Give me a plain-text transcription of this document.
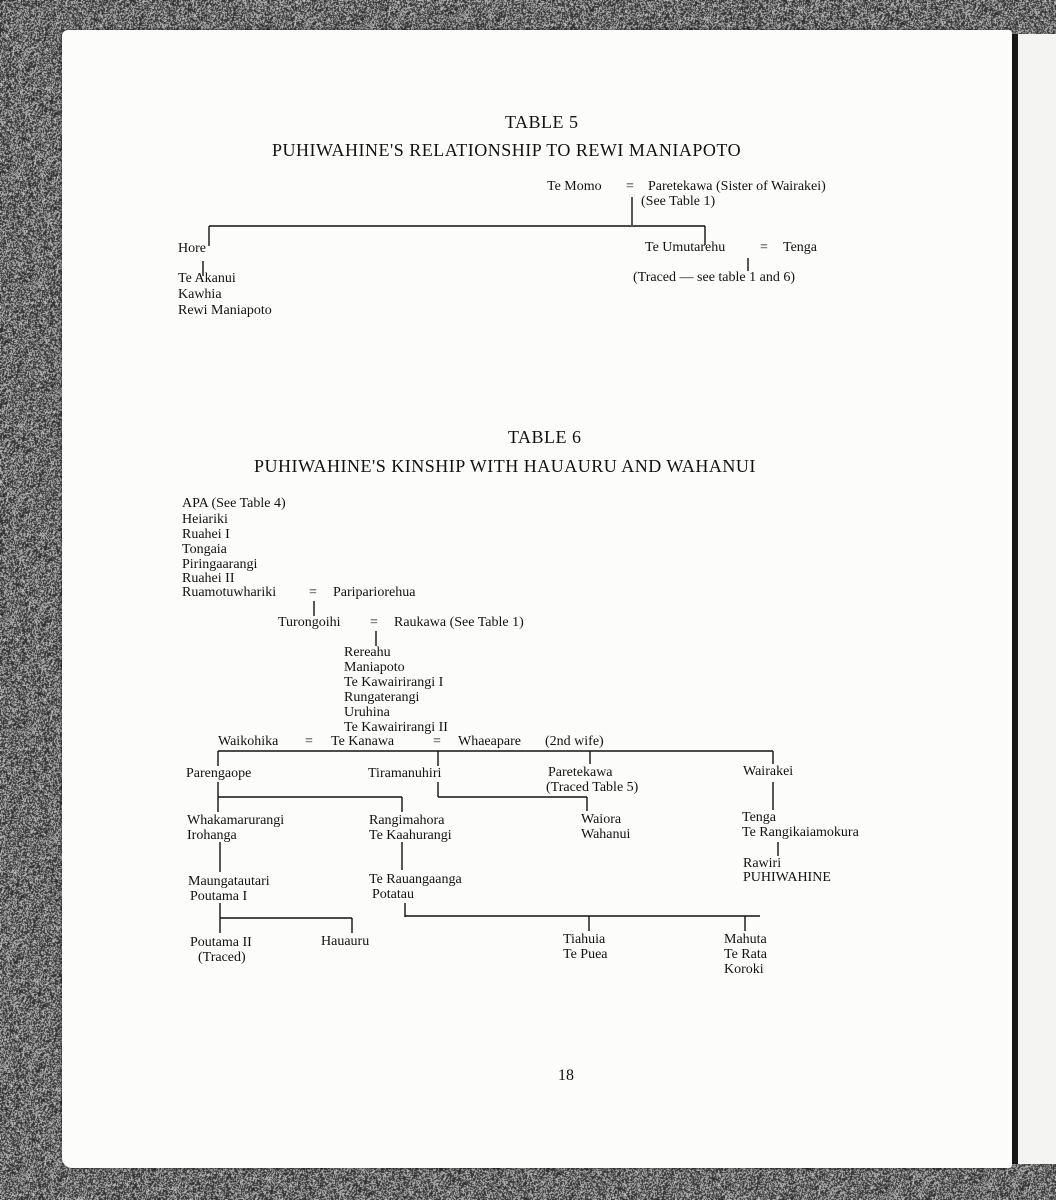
TABLE 5
PUHIWAHINE'S RELATIONSHIP TO REWI MANIAPOTO
Te Momo = Paretekawa (Sister of Wairakei)
(See Table 1)
Hore
Te Akanui
Kawhia
Rewi Maniapoto
Te Umutarehu = Tenga
(Traced — see table 1 and 6)
TABLE 6
PUHIWAHINE'S KINSHIP WITH HAUAURU AND WAHANUI
APA (See Table 4)
Heiariki
Ruahei I
Tongaia
Piringaarangi
Ruahei II
Ruamotuwhariki = Paripariorehua
Turongoihi = Raukawa (See Table 1)
Rereahu
Maniapoto
Te Kawairirangi I
Rungaterangi
Uruhina
Te Kawairirangi II
Waikohika = Te Kanawa	= Whaeapare (2nd wife)
Parengaope	Tiramanuhiri	Paretekawa
(Traced Table 5)
Wairakei
Whakamarurangi
Irohanga
Rangimahora
Te Kaahurangi
Waiora
Wahanui
Tenga
Te Rangikaiamokura
Maungatautari
Poutama I
Te Rauangaanga
Potatau
Rawiri
PUHIWAHINE
Poutama II
(Traced)
Hauauru	Tiahuia
Te Puea
Mahuta
Te Rata
Koroki
18
